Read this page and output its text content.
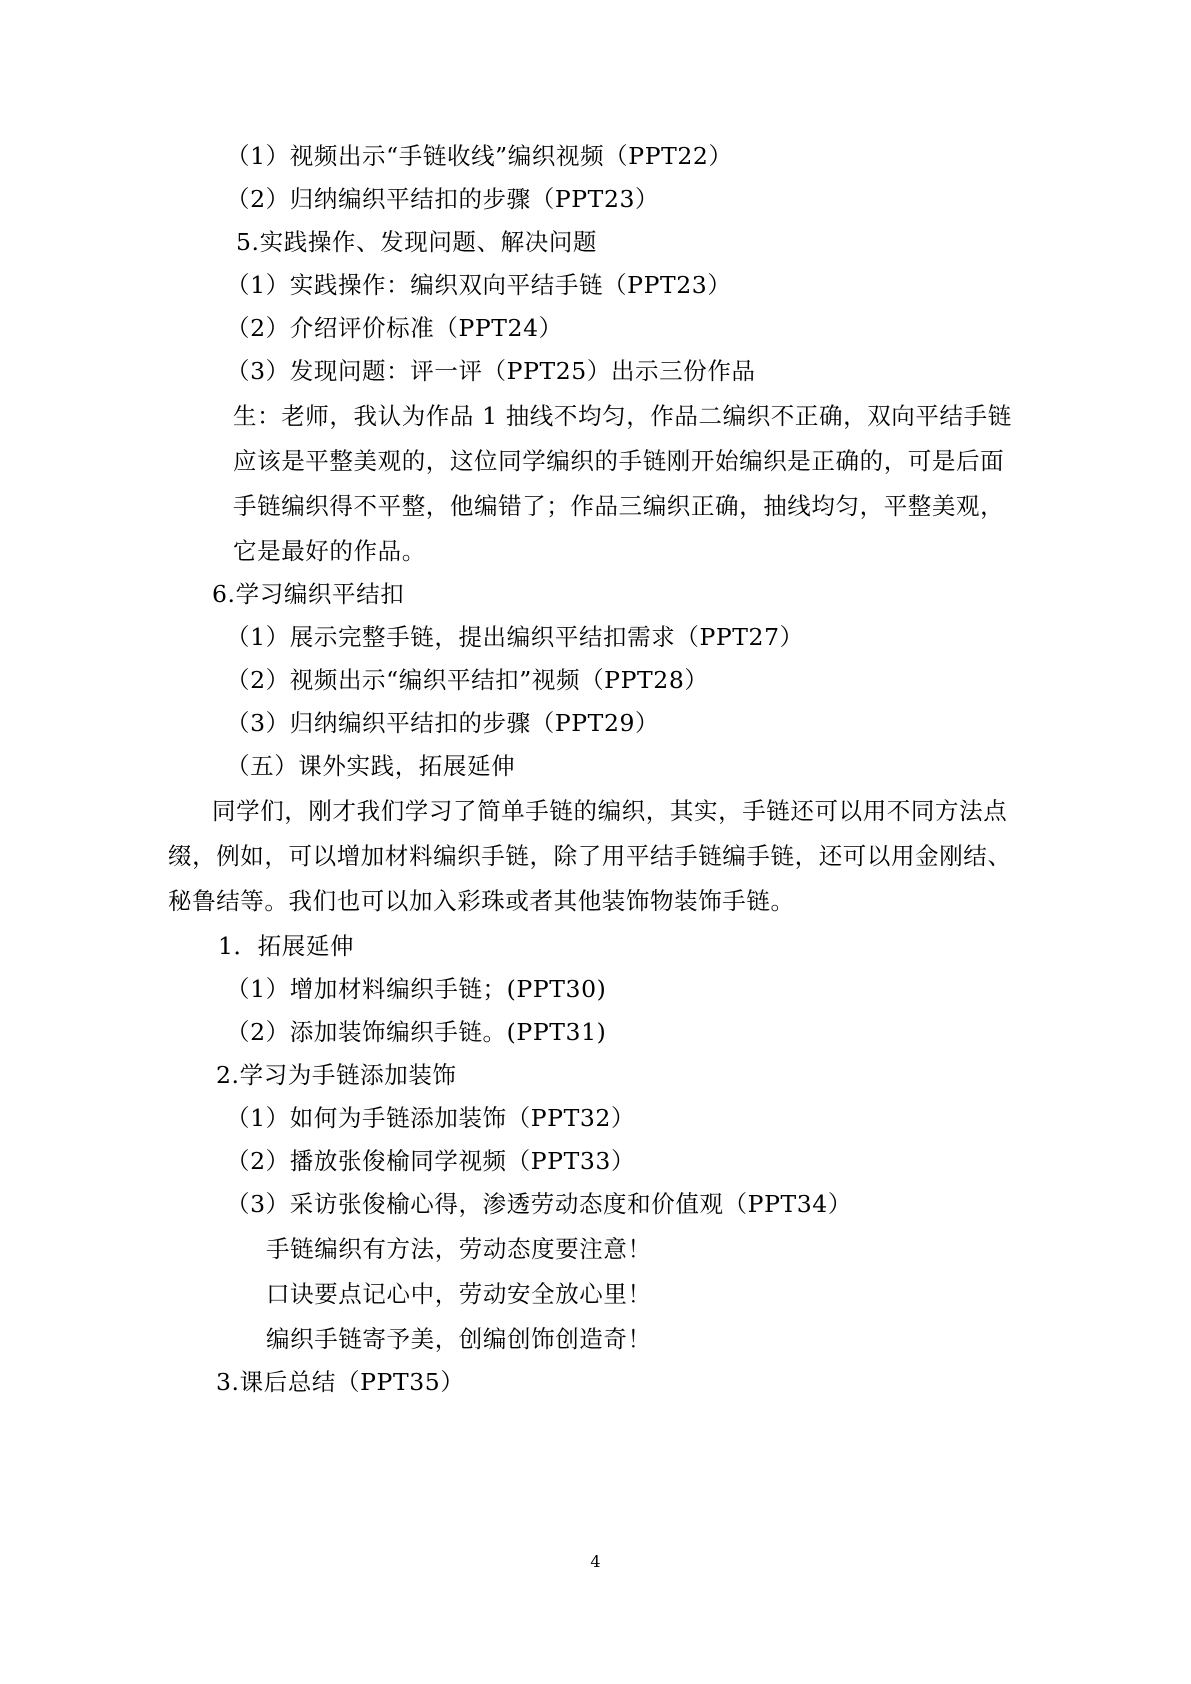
（1）视频出示“手链收线”编织视频（PPT22）
（2）归纳编织平结扣的步骤（PPT23）
5.实践操作、发现问题、解决问题
（1）实践操作：编织双向平结手链（PPT23）
（2）介绍评价标准（PPT24）
（3）发现问题：评一评（PPT25）出示三份作品
生：老师，我认为作品 1 抽线不均匀，作品二编织不正确，双向平结手链
应该是平整美观的，这位同学编织的手链刚开始编织是正确的，可是后面
手链编织得不平整，他编错了；作品三编织正确，抽线均匀，平整美观，
它是最好的作品。
6.学习编织平结扣
（1）展示完整手链，提出编织平结扣需求（PPT27）
（2）视频出示“编织平结扣”视频（PPT28）
（3）归纳编织平结扣的步骤（PPT29）
（五）课外实践，拓展延伸
同学们，刚才我们学习了简单手链的编织，其实，手链还可以用不同方法点
缀，例如，可以增加材料编织手链，除了用平结手链编手链，还可以用金刚结、
秘鲁结等。我们也可以加入彩珠或者其他装饰物装饰手链。
1．拓展延伸
（1）增加材料编织手链；(PPT30)
（2）添加装饰编织手链。(PPT31)
2.学习为手链添加装饰
（1）如何为手链添加装饰（PPT32）
（2）播放张俊榆同学视频（PPT33）
（3）采访张俊榆心得，渗透劳动态度和价值观（PPT34）
手链编织有方法，劳动态度要注意！
口诀要点记心中，劳动安全放心里！
编织手链寄予美，创编创饰创造奇！
3.课后总结（PPT35）
4
